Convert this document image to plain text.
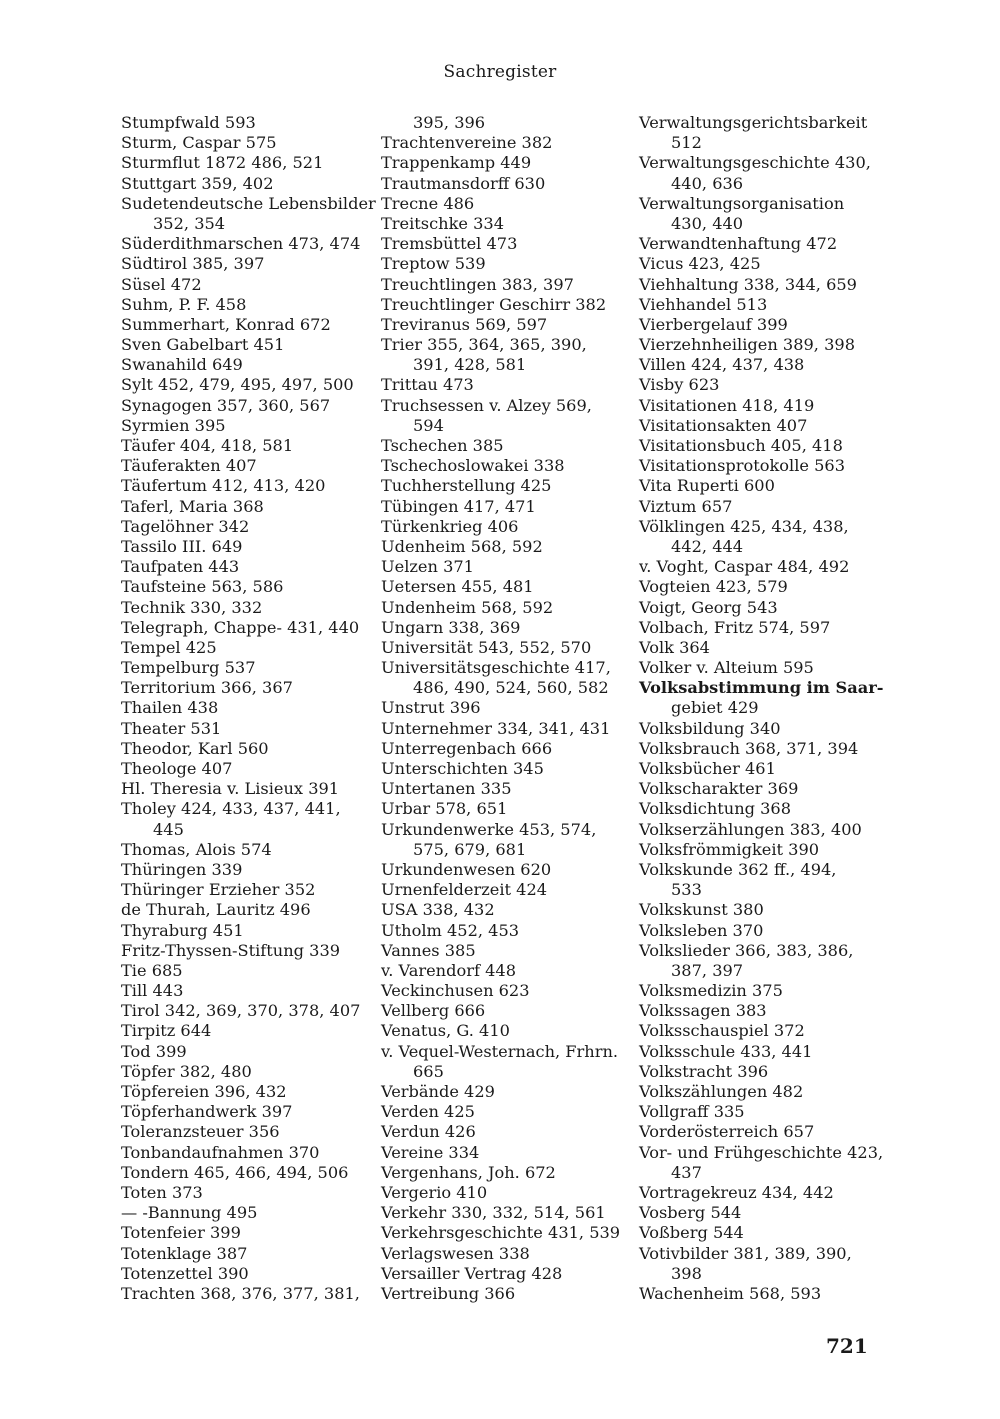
Sachregister
Stumpfwald 593
Sturm, Caspar 575
Sturmflut 1872 486, 521
Stuttgart 359, 402
Sudetendeutsche Lebensbilder
352, 354
Süderdithmarschen 473, 474
Südtirol 385, 397
Süsel 472
Suhm, P. F. 458
Summerhart, Konrad 672
Sven Gabelbart 451
Swanahild 649
Sylt 452, 479, 495, 497, 500
Synagogen 357, 360, 567
Syrmien 395
Täufer 404, 418, 581
Täuferakten 407
Täufertum 412, 413, 420
Taferl, Maria 368
Tagelöhner 342
Tassilo III. 649
Taufpaten 443
Taufsteine 563, 586
Technik 330, 332
Telegraph, Chappe- 431, 440
Tempel 425
Tempelburg 537
Territorium 366, 367
Thailen 438
Theater 531
Theodor, Karl 560
Theologe 407
Hl. Theresia v. Lisieux 391
Tholey 424, 433, 437, 441,
445
Thomas, Alois 574
Thüringen 339
Thüringer Erzieher 352
de Thurah, Lauritz 496
Thyraburg 451
Fritz-Thyssen-Stiftung 339
Tie 685
Till 443
Tirol 342, 369, 370, 378, 407
Tirpitz 644
Tod 399
Töpfer 382, 480
Töpfereien 396, 432
Töpferhandwerk 397
Toleranzsteuer 356
Tonbandaufnahmen 370
Tondern 465, 466, 494, 506
Toten 373
— -Bannung 495
Totenfeier 399
Totenklage 387
Totenzettel 390
Trachten 368, 376, 377, 381,
395, 396
Trachtenvereine 382
Trappenkamp 449
Trautmansdorff 630
Trecne 486
Treitschke 334
Tremsbüttel 473
Treptow 539
Treuchtlingen 383, 397
Treuchtlinger Geschirr 382
Treviranus 569, 597
Trier 355, 364, 365, 390,
391, 428, 581
Trittau 473
Truchsessen v. Alzey 569,
594
Tschechen 385
Tschechoslowakei 338
Tuchherstellung 425
Tübingen 417, 471
Türkenkrieg 406
Udenheim 568, 592
Uelzen 371
Uetersen 455, 481
Undenheim 568, 592
Ungarn 338, 369
Universität 543, 552, 570
Universitätsgeschichte 417,
486, 490, 524, 560, 582
Unstrut 396
Unternehmer 334, 341, 431
Unterregenbach 666
Unterschichten 345
Untertanen 335
Urbar 578, 651
Urkundenwerke 453, 574,
575, 679, 681
Urkundenwesen 620
Urnenfelderzeit 424
USA 338, 432
Utholm 452, 453
Vannes 385
v. Varendorf 448
Veckinchusen 623
Vellberg 666
Venatus, G. 410
v. Vequel-Westernach, Frhrn.
665
Verbände 429
Verden 425
Verdun 426
Vereine 334
Vergenhans, Joh. 672
Vergerio 410
Verkehr 330, 332, 514, 561
Verkehrsgeschichte 431, 539
Verlagswesen 338
Versailler Vertrag 428
Vertreibung 366
Verwaltungsgerichtsbarkeit
512
Verwaltungsgeschichte 430,
440, 636
Verwaltungsorganisation
430, 440
Verwandtenhaftung 472
Vicus 423, 425
Viehhaltung 338, 344, 659
Viehhandel 513
Vierbergelauf 399
Vierzehnheiligen 389, 398
Villen 424, 437, 438
Visby 623
Visitationen 418, 419
Visitationsakten 407
Visitationsbuch 405, 418
Visitationsprotokolle 563
Vita Ruperti 600
Viztum 657
Völklingen 425, 434, 438,
442, 444
v. Voght, Caspar 484, 492
Vogteien 423, 579
Voigt, Georg 543
Volbach, Fritz 574, 597
Volk 364
Volker v. Alteium 595
Volksabstimmung im Saar-
gebiet 429
Volksbildung 340
Volksbrauch 368, 371, 394
Volksbücher 461
Volkscharakter 369
Volksdichtung 368
Volkserzählungen 383, 400
Volksfrömmigkeit 390
Volkskunde 362 ff., 494,
533
Volkskunst 380
Volksleben 370
Volkslieder 366, 383, 386,
387, 397
Volksmedizin 375
Volkssagen 383
Volksschauspiel 372
Volksschule 433, 441
Volkstracht 396
Volkszählungen 482
Vollgraff 335
Vorderösterreich 657
Vor- und Frühgeschichte 423,
437
Vortragekreuz 434, 442
Vosberg 544
Voßberg 544
Votivbilder 381, 389, 390,
398
Wachenheim 568, 593
721
